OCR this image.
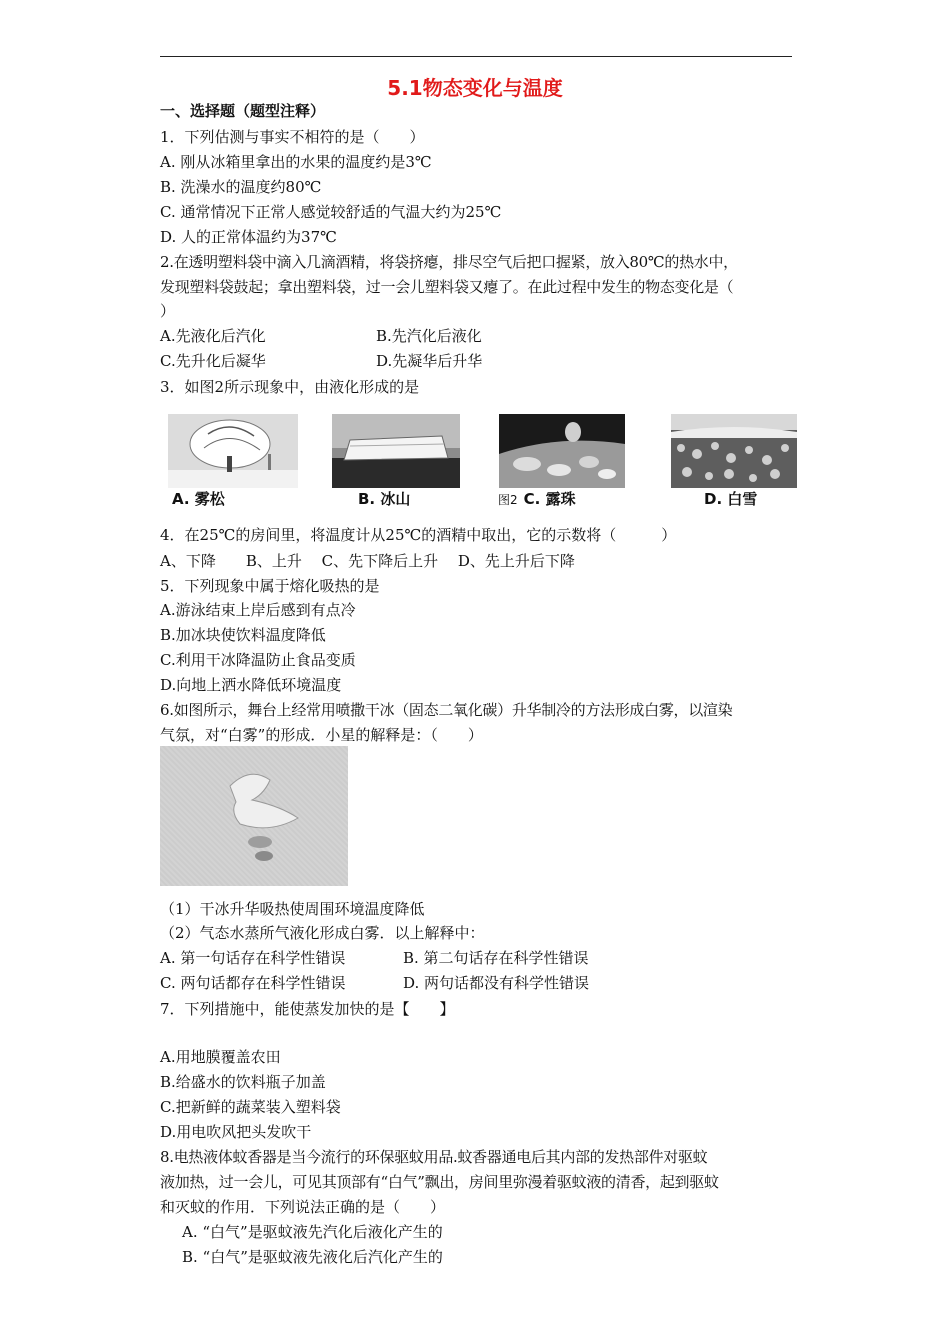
5.1物态变化与温度
一、选择题（题型注释）
1．下列估测与事实不相符的是（　　）
A. 刚从冰箱里拿出的水果的温度约是3℃
B. 洗澡水的温度约80℃
C. 通常情况下正常人感觉较舒适的气温大约为25℃
D. 人的正常体温约为37℃
2.在透明塑料袋中滴入几滴酒精，将袋挤瘪，排尽空气后把口握紧，放入80℃的热水中，
发现塑料袋鼓起；拿出塑料袋，过一会儿塑料袋又瘪了。在此过程中发生的物态变化是（
）
A.先液化后汽化	B.先汽化后液化
C.先升化后凝华	D.先凝华后升华
3．如图2所示现象中，由液化形成的是
A. 雾松	B. 冰山	图2 C. 露珠	D. 白雪
4．在25℃的房间里，将温度计从25℃的酒精中取出，它的示数将（　　　）
A、下降　　B、上升　 C、先下降后上升　 D、先上升后下降
5．下列现象中属于熔化吸热的是
A.游泳结束上岸后感到有点冷
B.加冰块使饮料温度降低
C.利用干冰降温防止食品变质
D.向地上洒水降低环境温度
6.如图所示，舞台上经常用喷撒干冰（固态二氧化碳）升华制冷的方法形成白雾，以渲染
气氛，对“白雾”的形成．小星的解释是：（　　）
（1）干冰升华吸热使周围环境温度降低
（2）气态水蒸所气液化形成白雾．以上解释中：
A. 第一句话存在科学性错误	B. 第二句话存在科学性错误
C. 两句话都存在科学性错误	D. 两句话都没有科学性错误
7．下列措施中，能使蒸发加快的是【　　】
A.用地膜覆盖农田
B.给盛水的饮料瓶子加盖
C.把新鲜的蔬菜装入塑料袋
D.用电吹风把头发吹干
8.电热液体蚊香器是当今流行的环保驱蚊用品.蚊香器通电后其内部的发热部件对驱蚊
液加热，过一会儿，可见其顶部有“白气”飘出，房间里弥漫着驱蚊液的清香，起到驱蚊
和灭蚊的作用．下列说法正确的是（　　）
A. “白气”是驱蚊液先汽化后液化产生的
B. “白气”是驱蚊液先液化后汽化产生的
